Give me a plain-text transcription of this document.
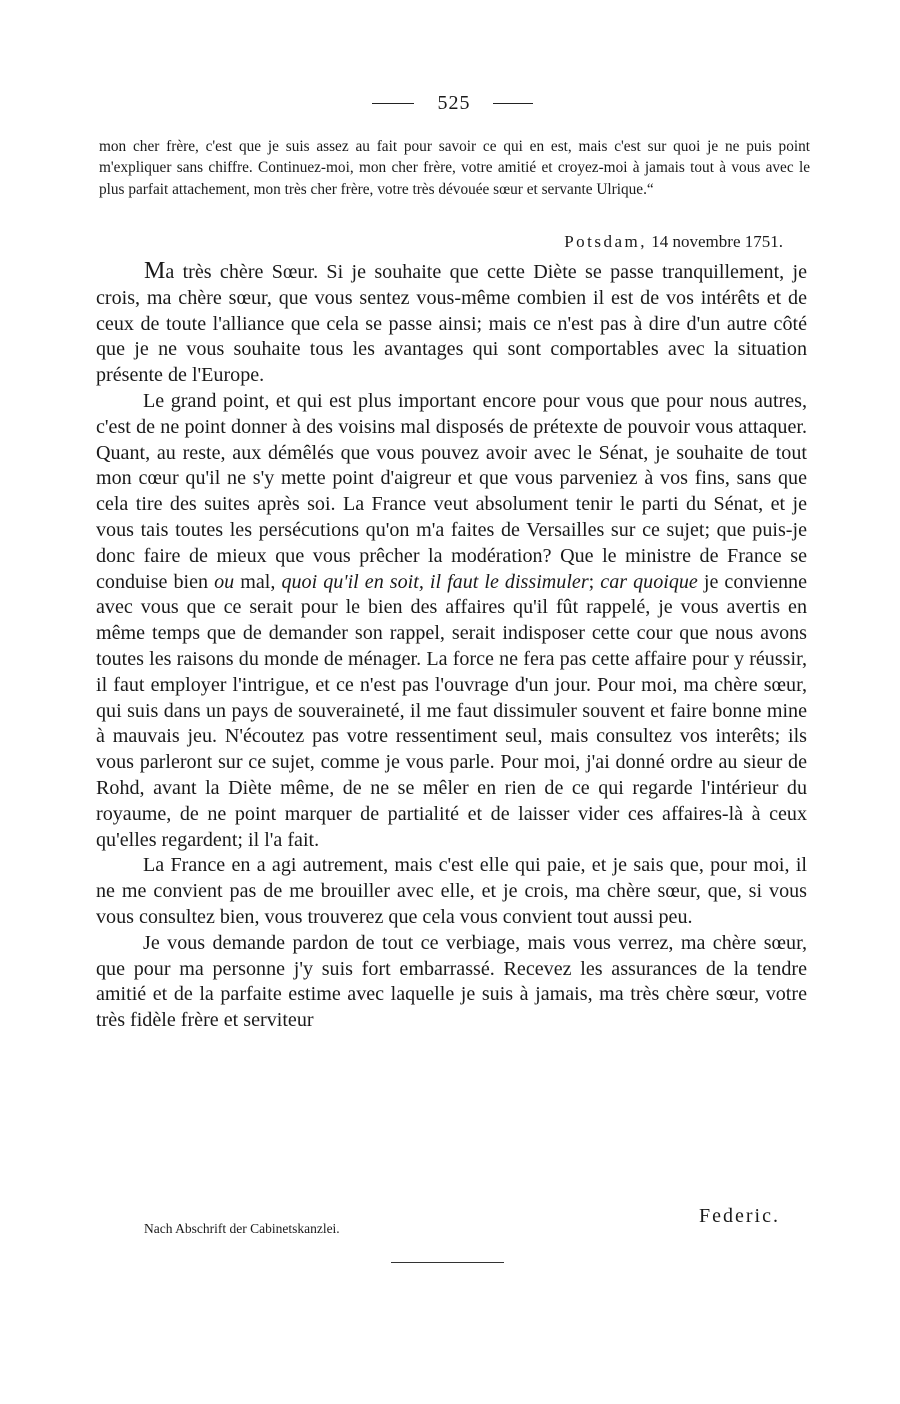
525
mon cher frère, c'est que je suis assez au fait pour savoir ce qui en est, mais c'est sur quoi je ne puis point m'expliquer sans chiffre. Continuez-moi, mon cher frère, votre amitié et croyez-moi à jamais tout à vous avec le plus parfait attachement, mon très cher frère, votre très dévouée sœur et servante Ulrique.“
Potsdam, 14 novembre 1751.

Ma très chère Sœur. Si je souhaite que cette Diète se passe tranquillement, je crois, ma chère sœur, que vous sentez vous-même combien il est de vos intérêts et de ceux de toute l'alliance que cela se passe ainsi; mais ce n'est pas à dire d'un autre côté que je ne vous souhaite tous les avantages qui sont comportables avec la situation présente de l'Europe.

Le grand point, et qui est plus important encore pour vous que pour nous autres, c'est de ne point donner à des voisins mal disposés de prétexte de pouvoir vous attaquer. Quant, au reste, aux démêlés que vous pouvez avoir avec le Sénat, je souhaite de tout mon cœur qu'il ne s'y mette point d'aigreur et que vous parveniez à vos fins, sans que cela tire des suites après soi. La France veut absolument tenir le parti du Sénat, et je vous tais toutes les persécutions qu'on m'a faites de Versailles sur ce sujet; que puis-je donc faire de mieux que vous prêcher la modération? Que le ministre de France se conduise bien ou mal, quoi qu'il en soit, il faut le dissimuler; car quoique je convienne avec vous que ce serait pour le bien des affaires qu'il fût rappelé, je vous avertis en même temps que de demander son rappel, serait indisposer cette cour que nous avons toutes les raisons du monde de ménager. La force ne fera pas cette affaire pour y réussir, il faut employer l'intrigue, et ce n'est pas l'ouvrage d'un jour. Pour moi, ma chère sœur, qui suis dans un pays de souveraineté, il me faut dissimuler souvent et faire bonne mine à mauvais jeu. N'écoutez pas votre ressentiment seul, mais consultez vos interêts; ils vous parleront sur ce sujet, comme je vous parle. Pour moi, j'ai donné ordre au sieur de Rohd, avant la Diète même, de ne se mêler en rien de ce qui regarde l'intérieur du royaume, de ne point marquer de partialité et de laisser vider ces affaires-là à ceux qu'elles regardent; il l'a fait.

La France en a agi autrement, mais c'est elle qui paie, et je sais que, pour moi, il ne me convient pas de me brouiller avec elle, et je crois, ma chère sœur, que, si vous vous consultez bien, vous trouverez que cela vous convient tout aussi peu.

Je vous demande pardon de tout ce verbiage, mais vous verrez, ma chère sœur, que pour ma personne j'y suis fort embarrassé. Recevez les assurances de la tendre amitié et de la parfaite estime avec laquelle je suis à jamais, ma très chère sœur, votre très fidèle frère et serviteur

Federic.
Nach Abschrift der Cabinetskanzlei.
